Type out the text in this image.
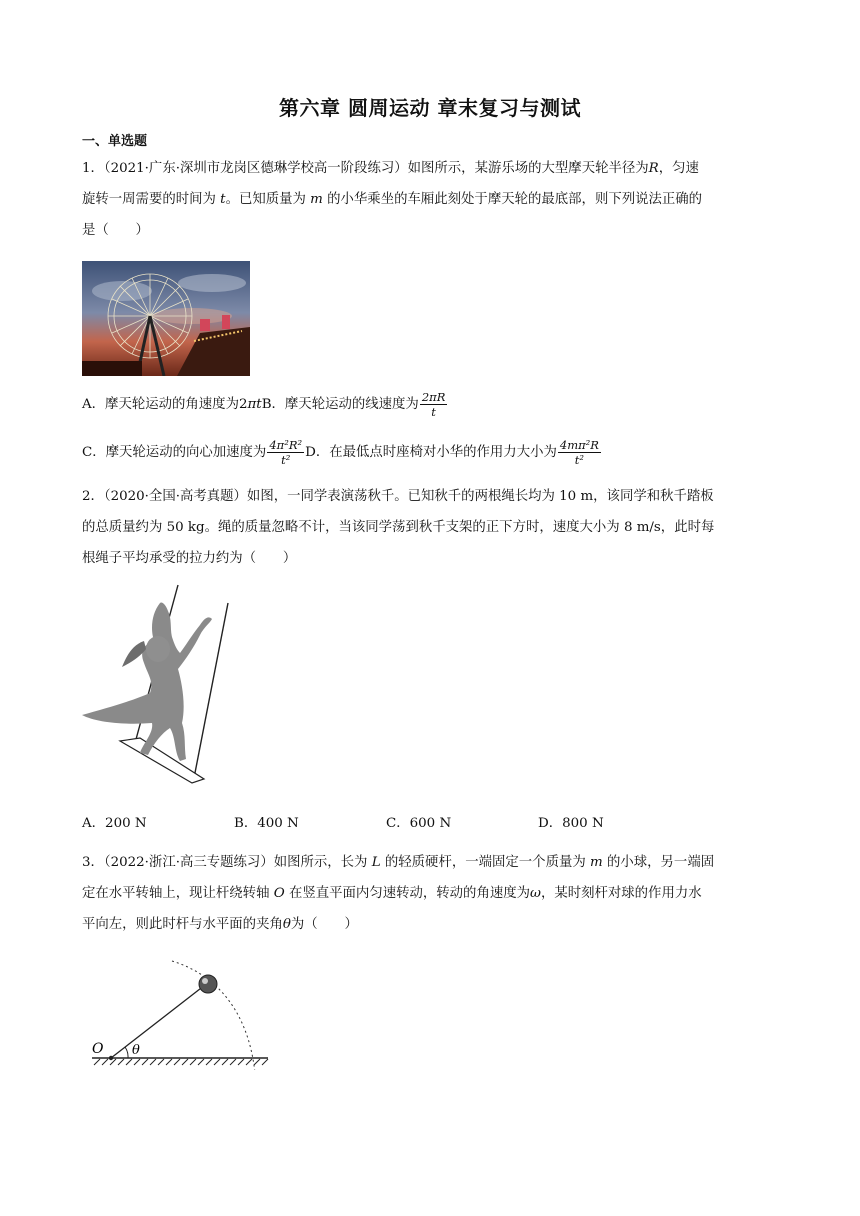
第六章 圆周运动 章末复习与测试
一、单选题
1．（2021·广东·深圳市龙岗区德琳学校高一阶段练习）如图所示，某游乐场的大型摩天轮半径为R，匀速
旋转一周需要的时间为 t。已知质量为 m 的小华乘坐的车厢此刻处于摩天轮的最底部，则下列说法正确的
是（　　）
A．摩天轮运动的角速度为2πtB．摩天轮运动的线速度为 $\frac{2\pi R}{t}$
C．摩天轮运动的向心加速度为 $\frac{\text{4π²R²}}{\text{t²}}$ D．在最低点时座椅对小华的作用力大小为 $\frac{\text{4mπ²R}}{\text{t²}}$
2．（2020·全国·高考真题）如图，一同学表演荡秋千。已知秋千的两根绳长均为 10 m，该同学和秋千踏板
的总质量约为 50 kg。绳的质量忽略不计，当该同学荡到秋千支架的正下方时，速度大小为 8 m/s，此时每
根绳子平均承受的拉力约为（　　）
A．200 N	B．400 N	C．600 N	D．800 N
3．（2022·浙江·高三专题练习）如图所示，长为 L 的轻质硬杆，一端固定一个质量为 m 的小球，另一端固
定在水平转轴上，现让杆绕转轴 O 在竖直平面内匀速转动，转动的角速度为ω，某时刻杆对球的作用力水
平向左，则此时杆与水平面的夹角θ为（　　）
O θ
